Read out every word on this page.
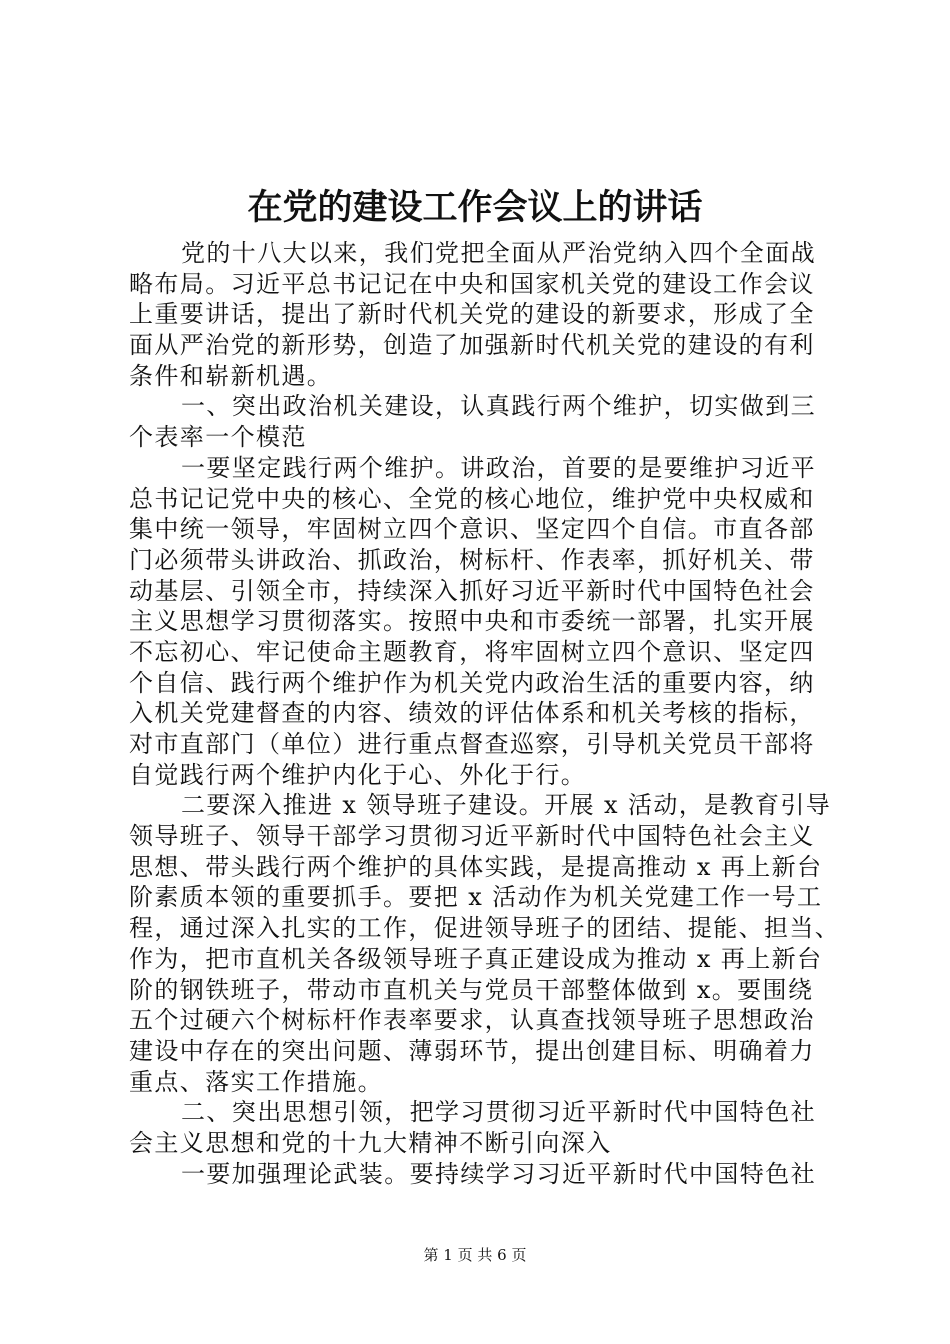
在党的建设工作会议上的讲话
党的十八大以来，我们党把全面从严治党纳入四个全面战
略布局。习近平总书记记在中央和国家机关党的建设工作会议
上重要讲话，提出了新时代机关党的建设的新要求，形成了全
面从严治党的新形势，创造了加强新时代机关党的建设的有利
条件和崭新机遇。
一、突出政治机关建设，认真践行两个维护，切实做到三
个表率一个模范
一要坚定践行两个维护。讲政治，首要的是要维护习近平
总书记记党中央的核心、全党的核心地位，维护党中央权威和
集中统一领导，牢固树立四个意识、坚定四个自信。市直各部
门必须带头讲政治、抓政治，树标杆、作表率，抓好机关、带
动基层、引领全市，持续深入抓好习近平新时代中国特色社会
主义思想学习贯彻落实。按照中央和市委统一部署，扎实开展
不忘初心、牢记使命主题教育，将牢固树立四个意识、坚定四
个自信、践行两个维护作为机关党内政治生活的重要内容，纳
入机关党建督查的内容、绩效的评估体系和机关考核的指标，
对市直部门（单位）进行重点督查巡察，引导机关党员干部将
自觉践行两个维护内化于心、外化于行。
二要深入推进 x 领导班子建设。开展 x 活动，是教育引导
领导班子、领导干部学习贯彻习近平新时代中国特色社会主义
思想、带头践行两个维护的具体实践，是提高推动 x 再上新台
阶素质本领的重要抓手。要把 x 活动作为机关党建工作一号工
程，通过深入扎实的工作，促进领导班子的团结、提能、担当、
作为，把市直机关各级领导班子真正建设成为推动 x 再上新台
阶的钢铁班子，带动市直机关与党员干部整体做到 x。要围绕
五个过硬六个树标杆作表率要求，认真查找领导班子思想政治
建设中存在的突出问题、薄弱环节，提出创建目标、明确着力
重点、落实工作措施。
二、突出思想引领，把学习贯彻习近平新时代中国特色社
会主义思想和党的十九大精神不断引向深入
一要加强理论武装。要持续学习习近平新时代中国特色社
第 1 页 共 6 页
